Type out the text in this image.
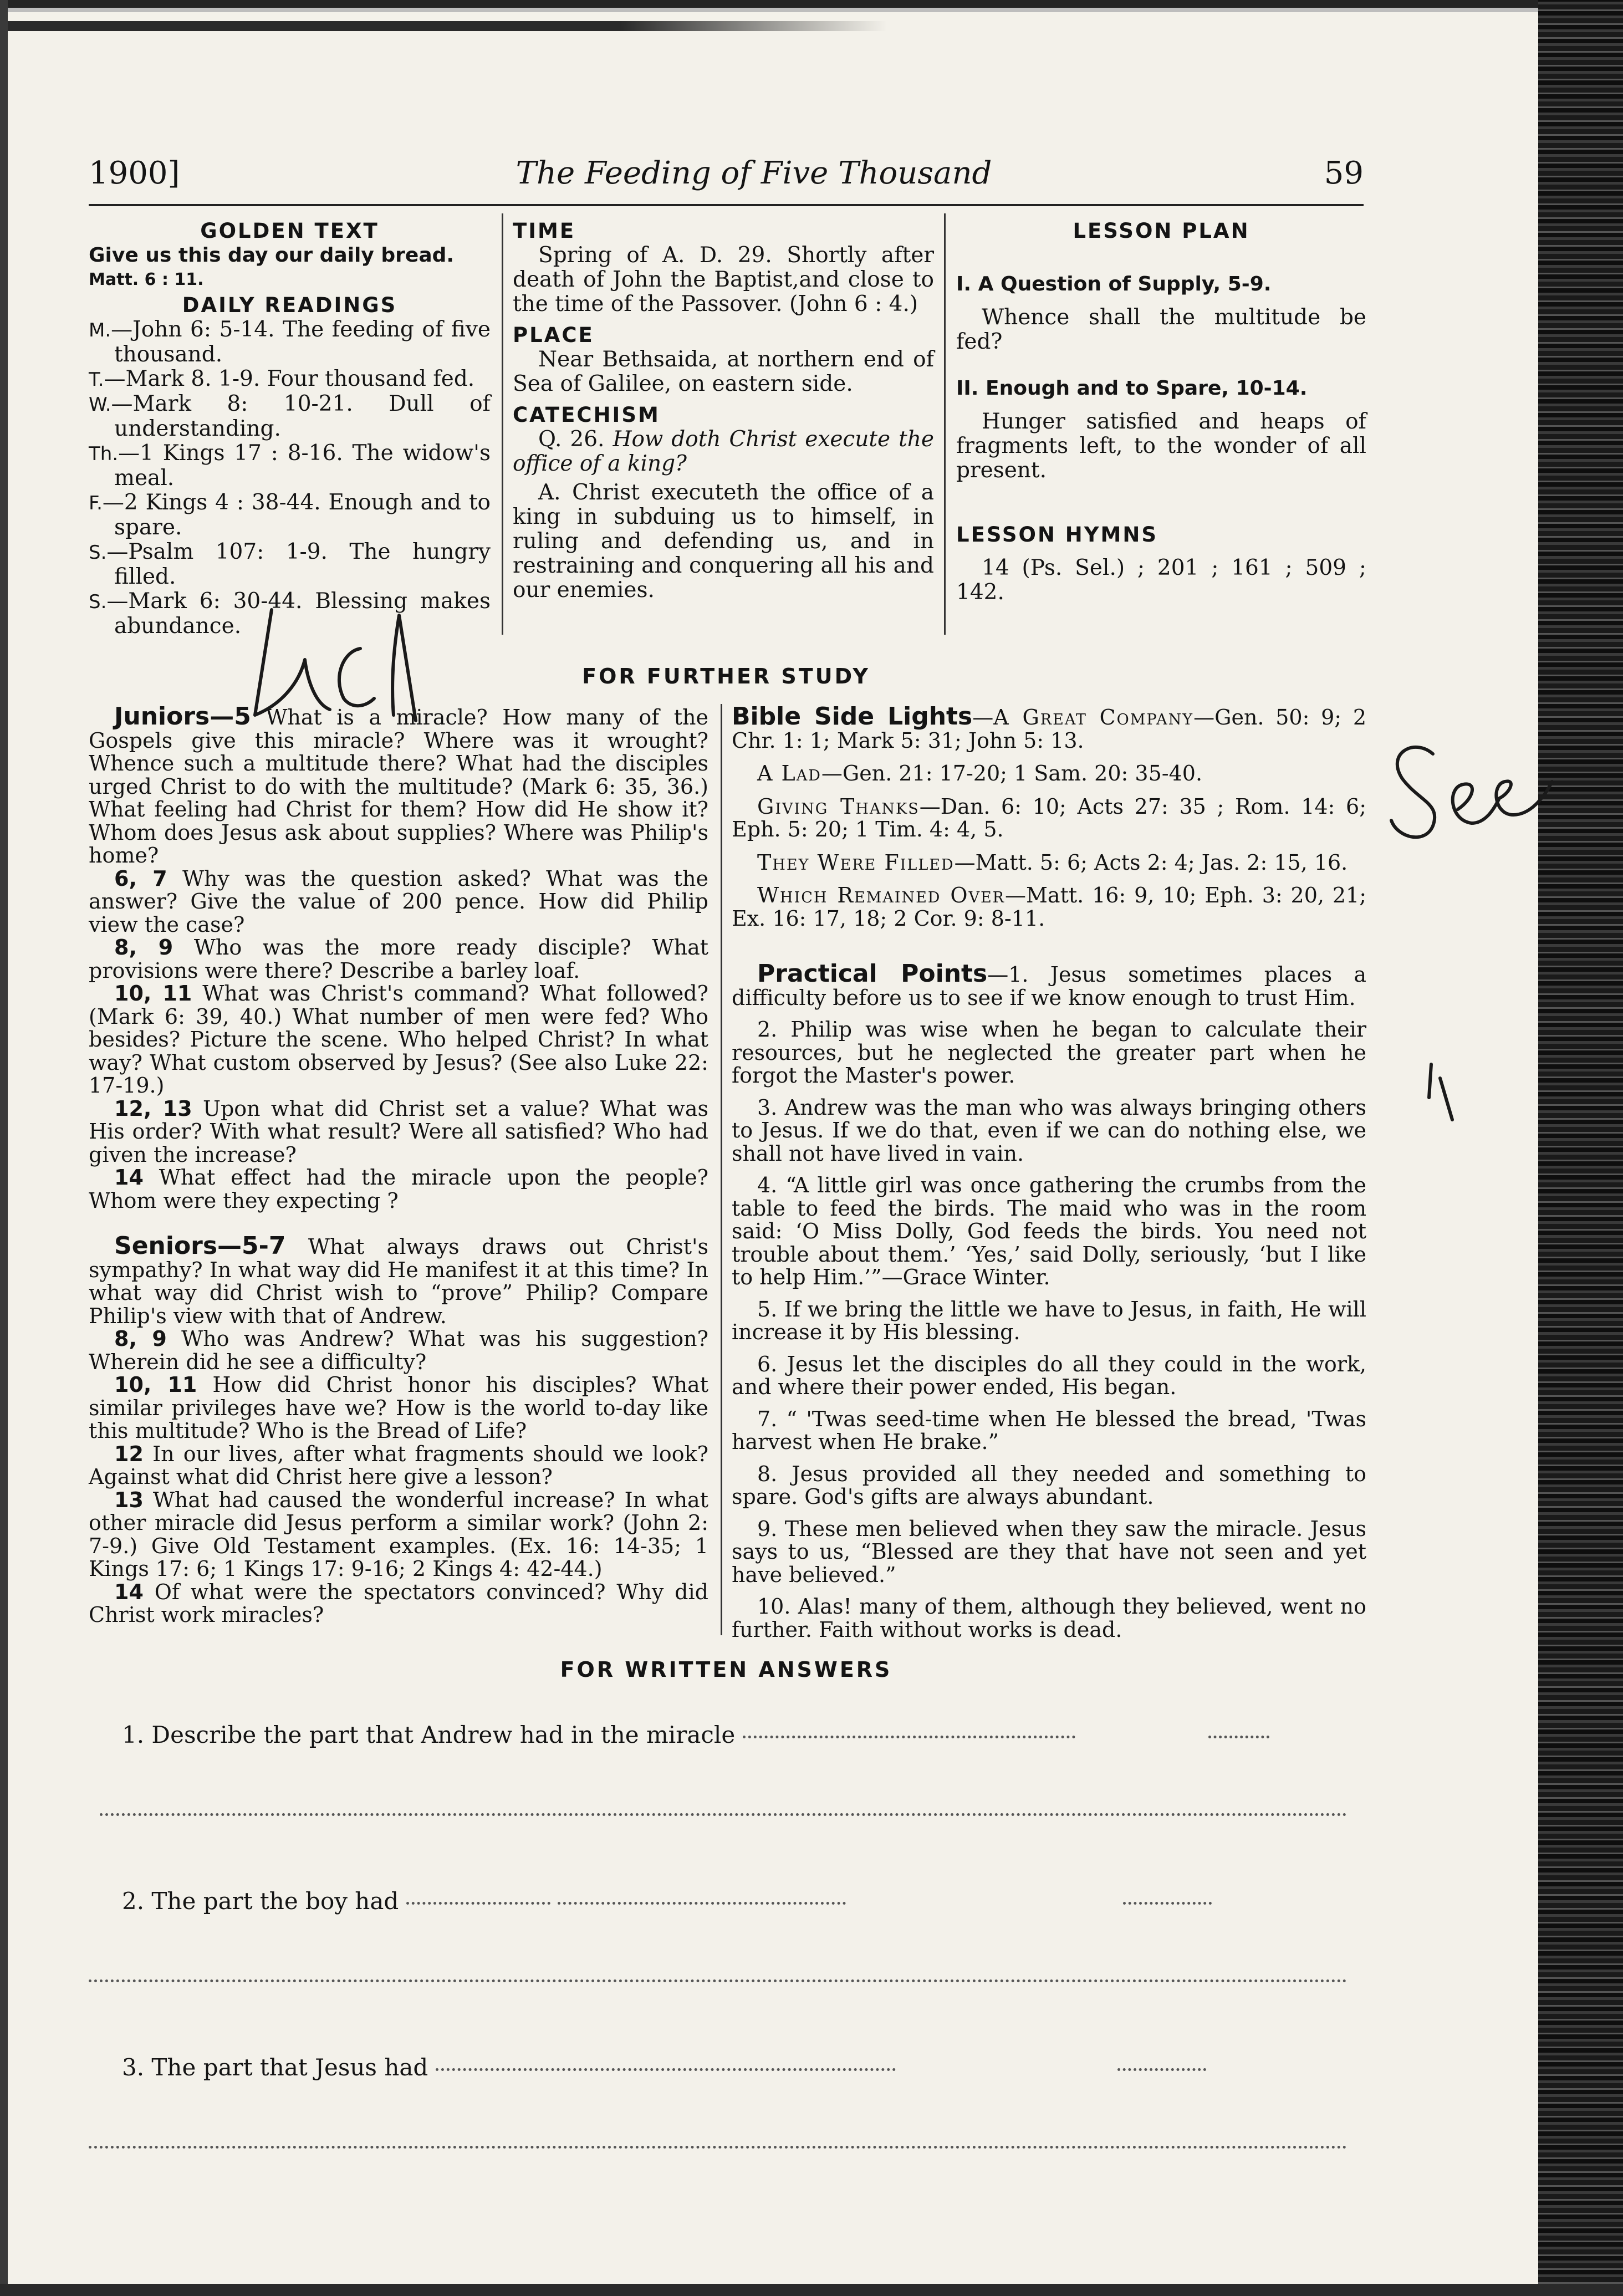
1900]	The Feeding of Five Thousand	59

GOLDEN TEXT

Give us this day our daily bread.

Matt. 6 : 11.

DAILY READINGS

M.—John 6: 5-14. The feeding of five thousand.

T.—Mark 8. 1-9. Four thousand fed.

W.—Mark 8: 10-21. Dull of understanding.

Th.—1 Kings 17 : 8-16. The widow's meal.

F.—2 Kings 4 : 38-44. Enough and to spare.

S.—Psalm 107: 1-9. The hungry filled.

S.—Mark 6: 30-44. Blessing makes abundance.

TIME

Spring of A. D. 29. Shortly after death of John the Baptist,and close to the time of the Passover. (John 6 : 4.)

PLACE

Near Bethsaida, at northern end of Sea of Galilee, on eastern side.

CATECHISM

Q. 26. How doth Christ execute the office of a king?

A. Christ executeth the office of a king in subduing us to himself, in ruling and defending us, and in restraining and conquering all his and our enemies.

LESSON PLAN

I. A Question of Supply, 5-9.

Whence shall the multitude be fed?

II. Enough and to Spare, 10-14.

Hunger satisfied and heaps of fragments left, to the wonder of all present.

LESSON HYMNS

14 (Ps. Sel.) ; 201 ; 161 ; 509 ; 142.

FOR FURTHER STUDY

Juniors—5 What is a miracle? How many of the Gospels give this miracle? Where was it wrought? Whence such a multitude there? What had the disciples urged Christ to do with the multitude? (Mark 6: 35, 36.) What feeling had Christ for them? How did He show it? Whom does Jesus ask about supplies? Where was Philip's home?

6, 7 Why was the question asked? What was the answer? Give the value of 200 pence. How did Philip view the case?

8, 9 Who was the more ready disciple? What provisions were there? Describe a barley loaf.

10, 11 What was Christ's command? What followed? (Mark 6: 39, 40.) What number of men were fed? Who besides? Picture the scene. Who helped Christ? In what way? What custom observed by Jesus? (See also Luke 22: 17-19.)

12, 13 Upon what did Christ set a value? What was His order? With what result? Were all satisfied? Who had given the increase?

14 What effect had the miracle upon the people? Whom were they expecting ?

Seniors—5-7 What always draws out Christ's sympathy? In what way did He manifest it at this time? In what way did Christ wish to “prove” Philip? Compare Philip's view with that of Andrew.

8, 9 Who was Andrew? What was his suggestion? Wherein did he see a difficulty?

10, 11 How did Christ honor his disciples? What similar privileges have we? How is the world to-day like this multitude? Who is the Bread of Life?

12 In our lives, after what fragments should we look? Against what did Christ here give a lesson?

13 What had caused the wonderful increase? In what other miracle did Jesus perform a similar work? (John 2: 7-9.) Give Old Testament examples. (Ex. 16: 14-35; 1 Kings 17: 6; 1 Kings 17: 9-16; 2 Kings 4: 42-44.)

14 Of what were the spectators convinced? Why did Christ work miracles?

Bible Side Lights—A Great Company—Gen. 50: 9; 2 Chr. 1: 1; Mark 5: 31; John 5: 13.

A Lad—Gen. 21: 17-20; 1 Sam. 20: 35-40.

Giving Thanks—Dan. 6: 10; Acts 27: 35 ; Rom. 14: 6; Eph. 5: 20; 1 Tim. 4: 4, 5.

They Were Filled—Matt. 5: 6; Acts 2: 4; Jas. 2: 15, 16.

Which Remained Over—Matt. 16: 9, 10; Eph. 3: 20, 21; Ex. 16: 17, 18; 2 Cor. 9: 8-11.

Practical Points—1. Jesus sometimes places a difficulty before us to see if we know enough to trust Him.

2. Philip was wise when he began to calculate their resources, but he neglected the greater part when he forgot the Master's power.

3. Andrew was the man who was always bringing others to Jesus. If we do that, even if we can do nothing else, we shall not have lived in vain.

4. “A little girl was once gathering the crumbs from the table to feed the birds. The maid who was in the room said: ‘O Miss Dolly, God feeds the birds. You need not trouble about them.’ ‘Yes,’ said Dolly, seriously, ‘but I like to help Him.’”—Grace Winter.

5. If we bring the little we have to Jesus, in faith, He will increase it by His blessing.

6. Jesus let the disciples do all they could in the work, and where their power ended, His began.

7. “ 'Twas seed-time when He blessed the bread, 'Twas harvest when He brake.”

8. Jesus provided all they needed and something to spare. God's gifts are always abundant.

9. These men believed when they saw the miracle. Jesus says to us, “Blessed are they that have not seen and yet have believed.”

10. Alas! many of them, although they believed, went no further. Faith without works is dead.

FOR WRITTEN ANSWERS
1. Describe the part that Andrew had in the miracle
2. The part the boy had
3. The part that Jesus had
